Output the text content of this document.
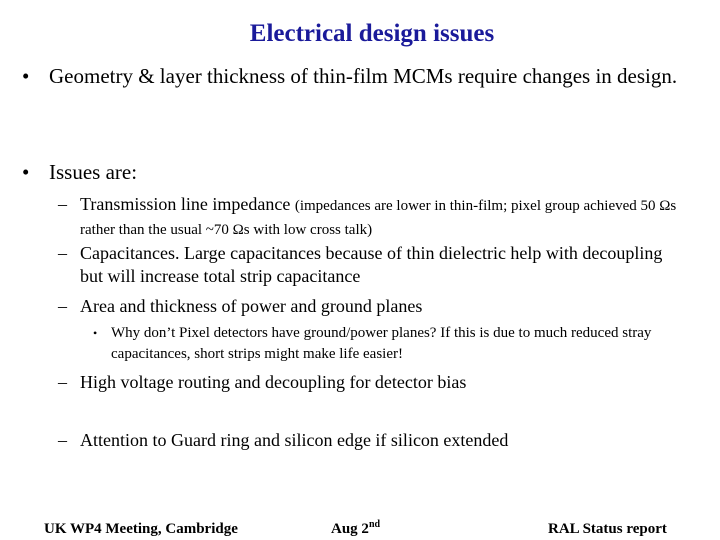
Electrical design issues
• Geometry & layer thickness of thin-film MCMs require changes in design.
• Issues are:
– Transmission line impedance (impedances are lower in thin-film; pixel group achieved 50 Ωs rather than the usual ~70 Ωs with low cross talk)
– Capacitances. Large capacitances because of thin dielectric help with decoupling but will increase total strip capacitance
– Area and thickness of power and ground planes
• Why don’t Pixel detectors have ground/power planes? If this is due to much reduced stray capacitances, short strips might make life easier!
– High voltage routing and decoupling for detector bias
– Attention to Guard ring and silicon edge if silicon extended
UK WP4 Meeting, Cambridge	Aug 2nd	RAL Status report
